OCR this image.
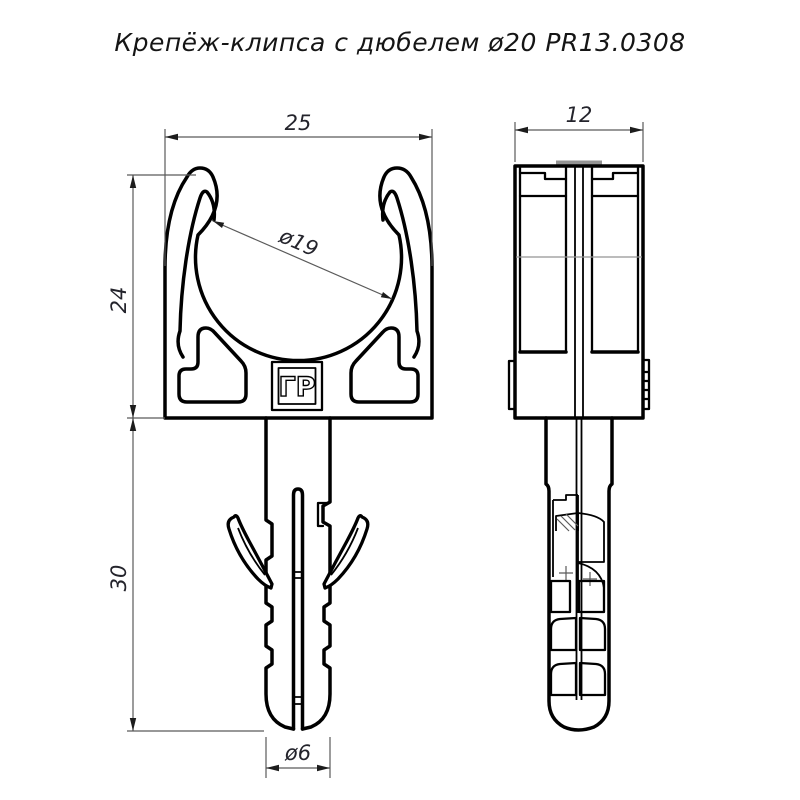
Крепёж-клипса с дюбелем ø20 PR13.0308
ГР
25
24
30
ø19
ø6
12
